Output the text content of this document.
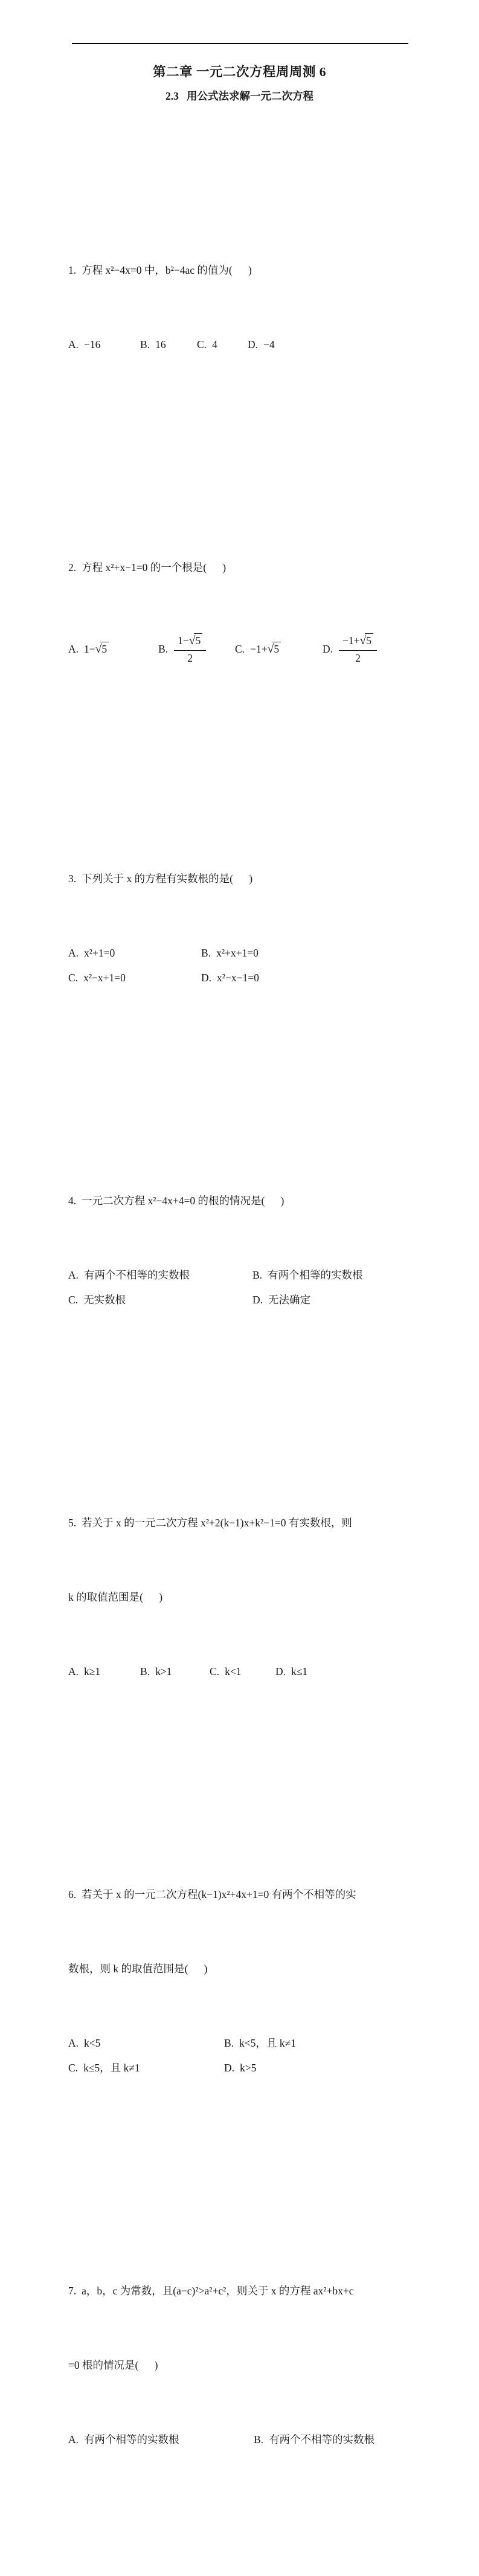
第二章 一元二次方程周周测 6
2.3   用公式法求解一元二次方程

1. 方程 x²−4x=0 中，b²−4ac 的值为(      )

A. −16	B. 16	C. 4	D. −4

2. 方程 x²+x−1=0 的一个根是(      )

A. 1− √5	B. $\frac{1- √5}{2}$	C. −1+ √5	D. $\frac{-1+ √5}{2}$

3. 下列关于 x 的方程有实数根的是(      )

A. x²+1=0	B. x²+x+1=0
C. x²−x+1=0	D. x²−x−1=0

4. 一元二次方程 x²−4x+4=0 的根的情况是(      )

A. 有两个不相等的实数根	B. 有两个相等的实数根
C. 无实数根	D. 无法确定

5. 若关于 x 的一元二次方程 x²+2(k−1)x+k²−1=0 有实数根，则

k 的取值范围是(      )

A. k≥1	B. k>1	C. k<1	D. k≤1

6. 若关于 x 的一元二次方程(k−1)x²+4x+1=0 有两个不相等的实

数根，则 k 的取值范围是(      )

A. k<5	B. k<5，且 k≠1
C. k≤5，且 k≠1	D. k>5

7. a，b，c 为常数，且(a−c)²>a²+c²，则关于 x 的方程 ax²+bx+c

=0 根的情况是(      )

A. 有两个相等的实数根	B. 有两个不相等的实数根
